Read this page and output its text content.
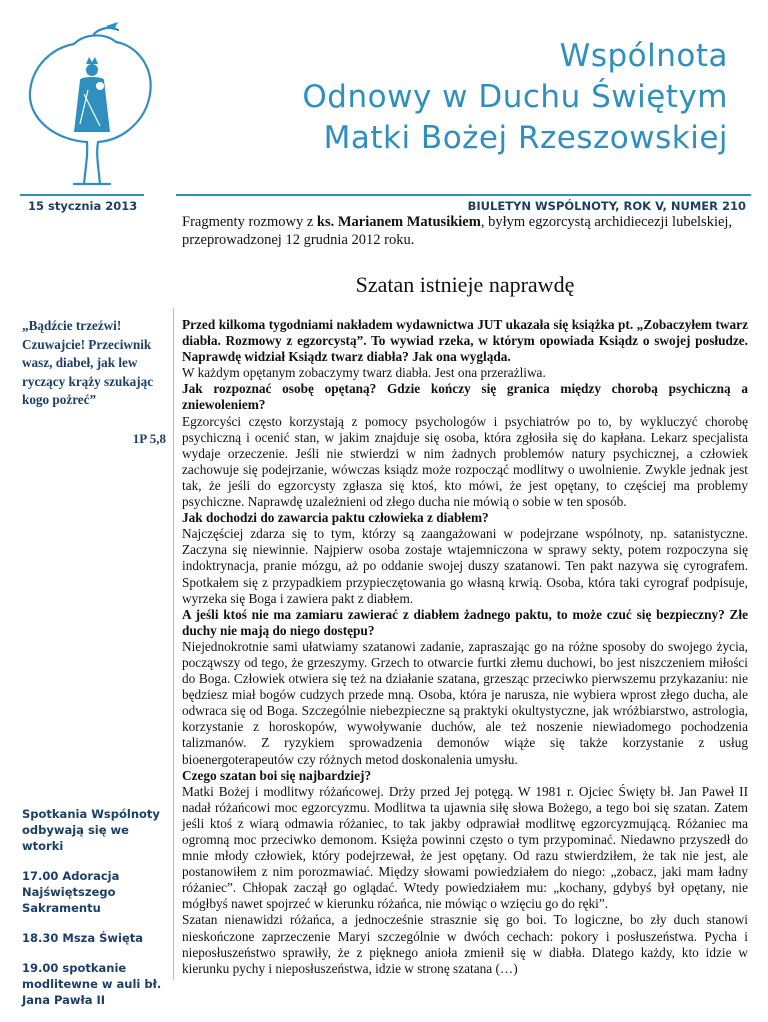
Wspólnota
Odnowy w Duchu Świętym
Matki Bożej Rzeszowskiej
15 stycznia 2013	BIULETYN WSPÓLNOTY, ROK V, NUMER 210
Fragmenty rozmowy z ks. Marianem Matusikiem, byłym egzorcystą archidiecezji lubelskiej, przeprowadzonej 12 grudnia 2012 roku.
Szatan istnieje naprawdę
„Bądźcie trzeźwi! Czuwajcie! Przeciwnik wasz, diabeł, jak lew ryczący krąży szukając kogo pożreć”
1P 5,8

Spotkania Wspólnoty odbywają się we wtorki

17.00 Adoracja Najświętszego Sakramentu

18.30 Msza Święta

19.00 spotkanie modlitewne w auli bł. Jana Pawła II

Przed kilkoma tygodniami nakładem wydawnictwa JUT ukazała się książka pt. „Zobaczyłem twarz diabła. Rozmowy z egzorcystą”. To wywiad rzeka, w którym opowiada Ksiądz o swojej posłudze. Naprawdę widział Ksiądz twarz diabła? Jak ona wygląda.
W każdym opętanym zobaczymy twarz diabła. Jest ona przerażliwa.
Jak rozpoznać osobę opętaną? Gdzie kończy się granica między chorobą psychiczną a zniewoleniem?
Egzorcyści często korzystają z pomocy psychologów i psychiatrów po to, by wykluczyć chorobę psychiczną i ocenić stan, w jakim znajduje się osoba, która zgłosiła się do kapłana. Lekarz specjalista wydaje orzeczenie. Jeśli nie stwierdzi w nim żadnych problemów natury psychicznej, a człowiek zachowuje się podejrzanie, wówczas ksiądz może rozpocząć modlitwy o uwolnienie. Zwykle jednak jest tak, że jeśli do egzorcysty zgłasza się ktoś, kto mówi, że jest opętany, to częściej ma problemy psychiczne. Naprawdę uzależnieni od złego ducha nie mówią o sobie w ten sposób.
Jak dochodzi do zawarcia paktu człowieka z diabłem?
Najczęściej zdarza się to tym, którzy są zaangażowani w podejrzane wspólnoty, np. satanistyczne. Zaczyna się niewinnie. Najpierw osoba zostaje wtajemniczona w sprawy sekty, potem rozpoczyna się indoktrynacja, pranie mózgu, aż po oddanie swojej duszy szatanowi. Ten pakt nazywa się cyrografem. Spotkałem się z przypadkiem przypieczętowania go własną krwią. Osoba, która taki cyrograf podpisuje, wyrzeka się Boga i zawiera pakt z diabłem.
A jeśli ktoś nie ma zamiaru zawierać z diabłem żadnego paktu, to może czuć się bezpieczny? Złe duchy nie mają do niego dostępu?
Niejednokrotnie sami ułatwiamy szatanowi zadanie, zapraszając go na różne sposoby do swojego życia, począwszy od tego, że grzeszymy. Grzech to otwarcie furtki złemu duchowi, bo jest niszczeniem miłości do Boga. Człowiek otwiera się też na działanie szatana, grzesząc przeciwko pierwszemu przykazaniu: nie będziesz miał bogów cudzych przede mną. Osoba, która je narusza, nie wybiera wprost złego ducha, ale odwraca się od Boga. Szczególnie niebezpieczne są praktyki okultystyczne, jak wróżbiarstwo, astrologia, korzystanie z horoskopów, wywoływanie duchów, ale też noszenie niewiadomego pochodzenia talizmanów. Z ryzykiem sprowadzenia demonów wiąże się także korzystanie z usług bioenergoterapeutów czy różnych metod doskonalenia umysłu.
Czego szatan boi się najbardziej?
Matki Bożej i modlitwy różańcowej. Drży przed Jej potęgą. W 1981 r. Ojciec Święty bł. Jan Paweł II nadał różańcowi moc egzorcyzmu. Modlitwa ta ujawnia siłę słowa Bożego, a tego boi się szatan. Zatem jeśli ktoś z wiarą odmawia różaniec, to tak jakby odprawiał modlitwę egzorcyzmującą. Różaniec ma ogromną moc przeciwko demonom. Księża powinni często o tym przypominać. Niedawno przyszedł do mnie młody człowiek, który podejrzewał, że jest opętany. Od razu stwierdziłem, że tak nie jest, ale postanowiłem z nim porozmawiać. Między słowami powiedziałem do niego: „zobacz, jaki mam ładny różaniec”. Chłopak zaczął go oglądać. Wtedy powiedziałem mu: „kochany, gdybyś był opętany, nie mógłbyś nawet spojrzeć w kierunku różańca, nie mówiąc o wzięciu go do ręki”.
Szatan nienawidzi różańca, a jednocześnie strasznie się go boi. To logiczne, bo zły duch stanowi nieskończone zaprzeczenie Maryi szczególnie w dwóch cechach: pokory i posłuszeństwa. Pycha i nieposłuszeństwo sprawiły, że z pięknego anioła zmienił się w diabła. Dlatego każdy, kto idzie w kierunku pychy i nieposłuszeństwa, idzie w stronę szatana (…)
